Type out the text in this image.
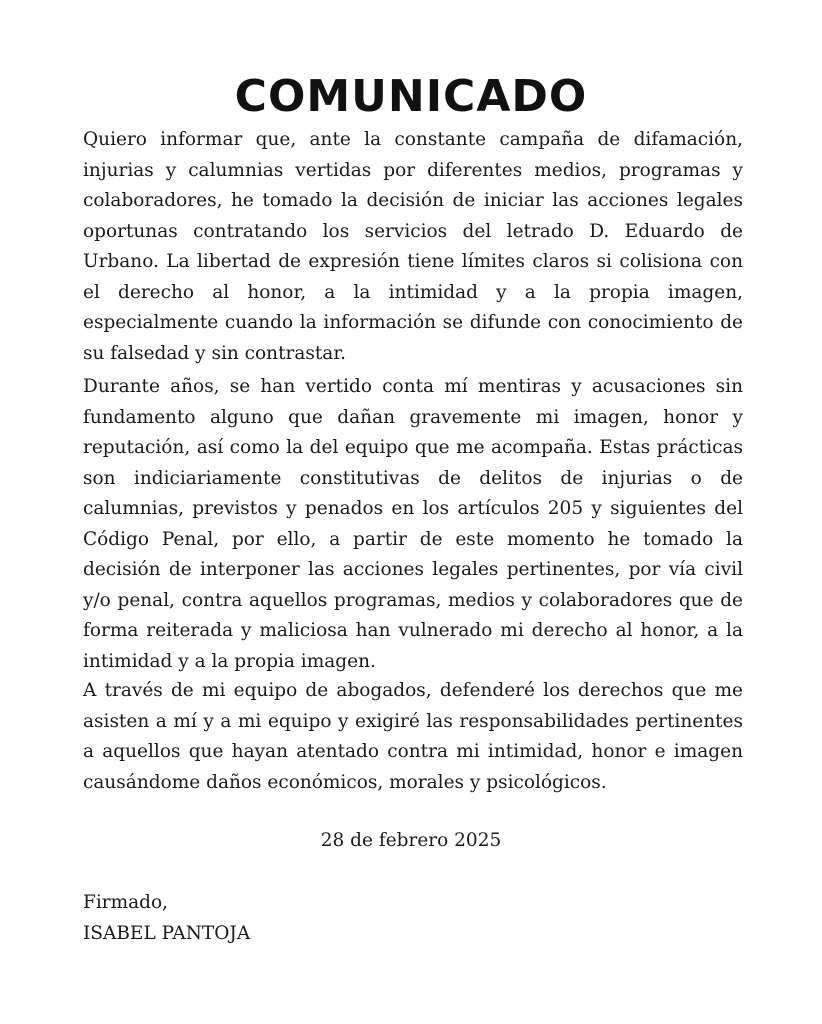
COMUNICADO

Quiero informar que, ante la constante campaña de difamación, injurias y calumnias vertidas por diferentes medios, programas y colaboradores, he tomado la decisión de iniciar las acciones legales oportunas contratando los servicios del letrado D. Eduardo de Urbano. La libertad de expresión tiene límites claros si colisiona con el derecho al honor, a la intimidad y a la propia imagen, especialmente cuando la información se difunde con conocimiento de su falsedad y sin contrastar.

Durante años, se han vertido conta mí mentiras y acusaciones sin fundamento alguno que dañan gravemente mi imagen, honor y reputación, así como la del equipo que me acompaña. Estas prácticas son indiciariamente constitutivas de delitos de injurias o de calumnias, previstos y penados en los artículos 205 y siguientes del Código Penal, por ello, a partir de este momento he tomado la decisión de interponer las acciones legales pertinentes, por vía civil y/o penal, contra aquellos programas, medios y colaboradores que de forma reiterada y maliciosa han vulnerado mi derecho al honor, a la intimidad y a la propia imagen.

A través de mi equipo de abogados, defenderé los derechos que me asisten a mí y a mi equipo y exigiré las responsabilidades pertinentes a aquellos que hayan atentado contra mi intimidad, honor e imagen causándome daños económicos, morales y psicológicos.

28 de febrero 2025
Firmado,
ISABEL PANTOJA
